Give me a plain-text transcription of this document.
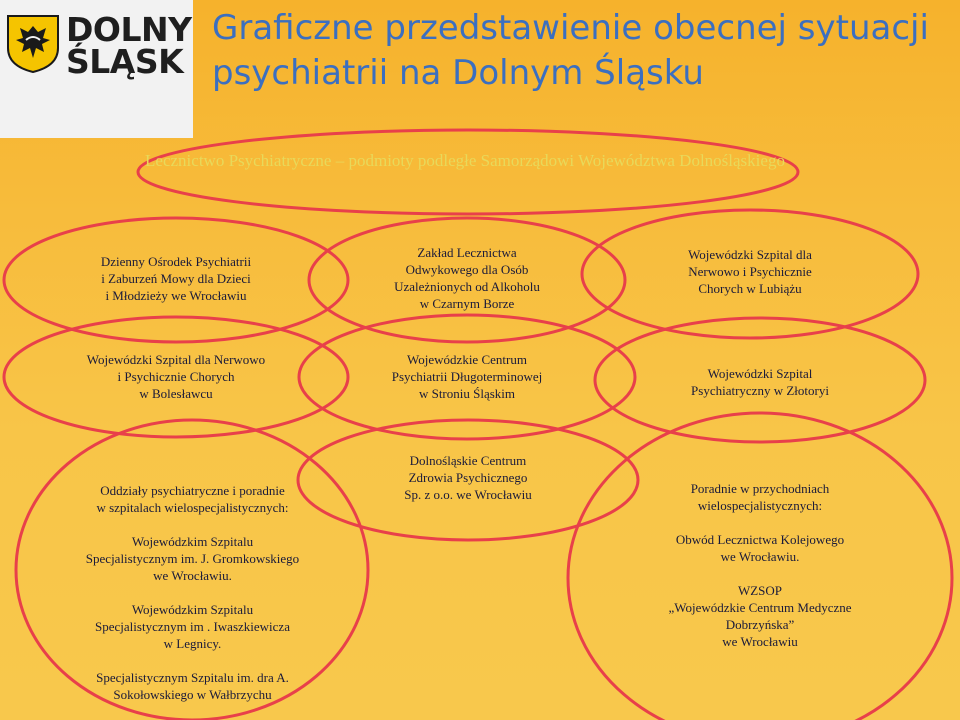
DOLNY
ŚLĄSK
Graficzne przedstawienie obecnej sytuacji psychiatrii na Dolnym Śląsku
Lecznictwo Psychiatryczne – podmioty podległe Samorządowi Województwa Dolnośląskiego
Dzienny Ośrodek Psychiatrii
i Zaburzeń Mowy dla Dzieci
i Młodzieży we Wrocławiu
Zakład Lecznictwa
Odwykowego dla Osób
Uzależnionych od Alkoholu
w Czarnym Borze
Wojewódzki Szpital dla
Nerwowo i Psychicznie
Chorych w Lubiążu
Wojewódzki Szpital dla Nerwowo
i Psychicznie Chorych
w Bolesławcu
Wojewódzkie Centrum
Psychiatrii Długoterminowej
w Stroniu Śląskim
Wojewódzki Szpital
Psychiatryczny w Złotoryi
Dolnośląskie Centrum
Zdrowia Psychicznego
Sp. z o.o. we Wrocławiu
Oddziały psychiatryczne i poradnie
w szpitalach wielospecjalistycznych:
Wojewódzkim Szpitalu
Specjalistycznym im. J. Gromkowskiego
we Wrocławiu.
Wojewódzkim Szpitalu
Specjalistycznym im . Iwaszkiewicza
w Legnicy.
Specjalistycznym Szpitalu im. dra A.
Sokołowskiego w Wałbrzychu
Poradnie w przychodniach
wielospecjalistycznych:
Obwód Lecznictwa Kolejowego
we Wrocławiu.
WZSOP
„Wojewódzkie Centrum Medyczne
Dobrzyńska”
we Wrocławiu
